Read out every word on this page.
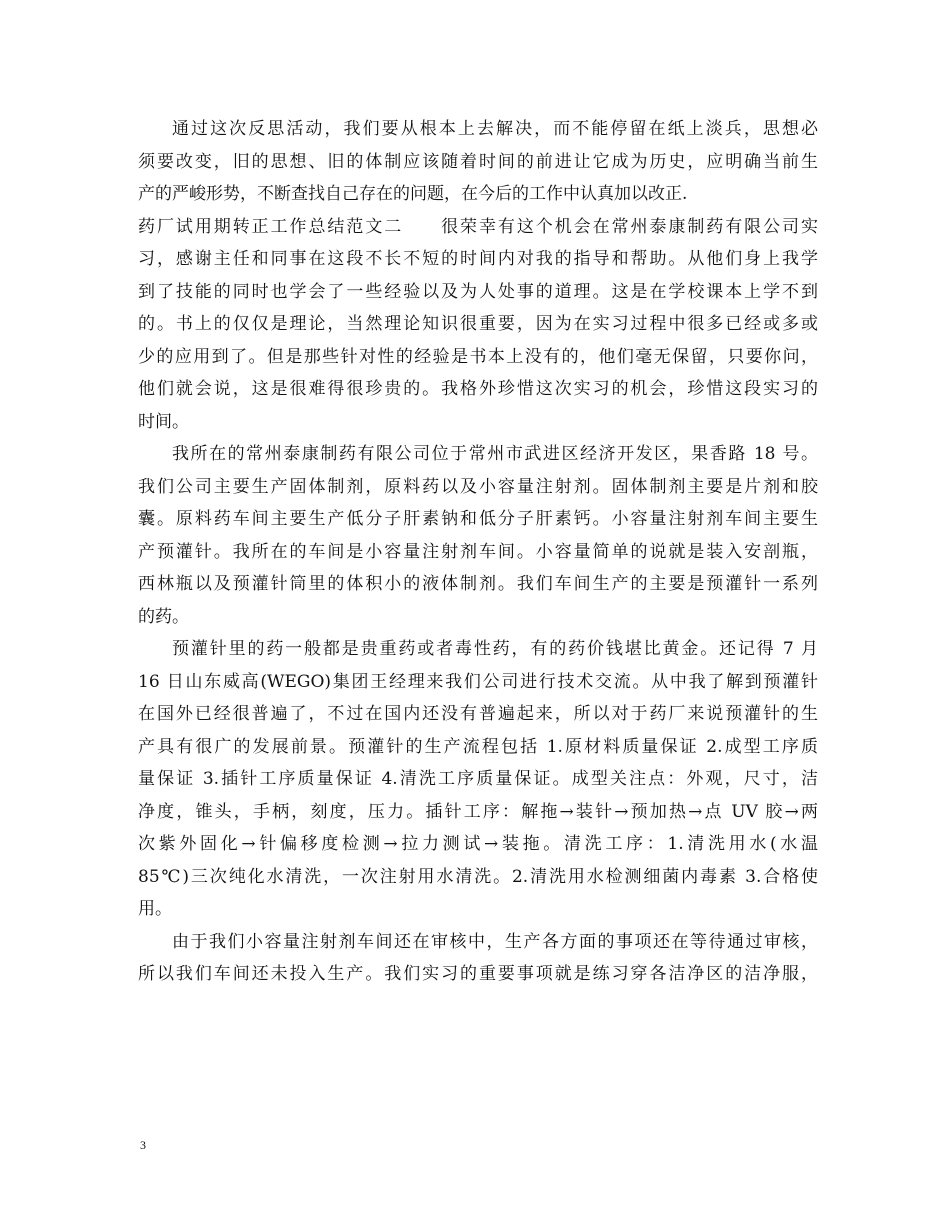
通过这次反思活动，我们要从根本上去解决，而不能停留在纸上淡兵，思想必
须要改变，旧的思想、旧的体制应该随着时间的前进让它成为历史，应明确当前生
产的严峻形势，不断查找自己存在的问题，在今后的工作中认真加以改正.
药厂试用期转正工作总结范文二　　很荣幸有这个机会在常州泰康制药有限公司实
习，感谢主任和同事在这段不长不短的时间内对我的指导和帮助。从他们身上我学
到了技能的同时也学会了一些经验以及为人处事的道理。这是在学校课本上学不到
的。书上的仅仅是理论，当然理论知识很重要，因为在实习过程中很多已经或多或
少的应用到了。但是那些针对性的经验是书本上没有的，他们毫无保留，只要你问，
他们就会说，这是很难得很珍贵的。我格外珍惜这次实习的机会，珍惜这段实习的
时间。
我所在的常州泰康制药有限公司位于常州市武进区经济开发区，果香路 18 号。
我们公司主要生产固体制剂，原料药以及小容量注射剂。固体制剂主要是片剂和胶
囊。原料药车间主要生产低分子肝素钠和低分子肝素钙。小容量注射剂车间主要生
产预灌针。我所在的车间是小容量注射剂车间。小容量简单的说就是装入安剖瓶，
西林瓶以及预灌针筒里的体积小的液体制剂。我们车间生产的主要是预灌针一系列
的药。
预灌针里的药一般都是贵重药或者毒性药，有的药价钱堪比黄金。还记得 7 月
16 日山东威高(WEGO)集团王经理来我们公司进行技术交流。从中我了解到预灌针
在国外已经很普遍了，不过在国内还没有普遍起来，所以对于药厂来说预灌针的生
产具有很广的发展前景。预灌针的生产流程包括 1.原材料质量保证 2.成型工序质
量保证 3.插针工序质量保证 4.清洗工序质量保证。成型关注点：外观，尺寸，洁
净度，锥头，手柄，刻度，压力。插针工序：解拖→装针→预加热→点 UV 胶→两
次紫外固化→针偏移度检测→拉力测试→装拖。清洗工序：1.清洗用水(水温
85℃)三次纯化水清洗，一次注射用水清洗。2.清洗用水检测细菌内毒素 3.合格使
用。
由于我们小容量注射剂车间还在审核中，生产各方面的事项还在等待通过审核，
所以我们车间还未投入生产。我们实习的重要事项就是练习穿各洁净区的洁净服，
3
